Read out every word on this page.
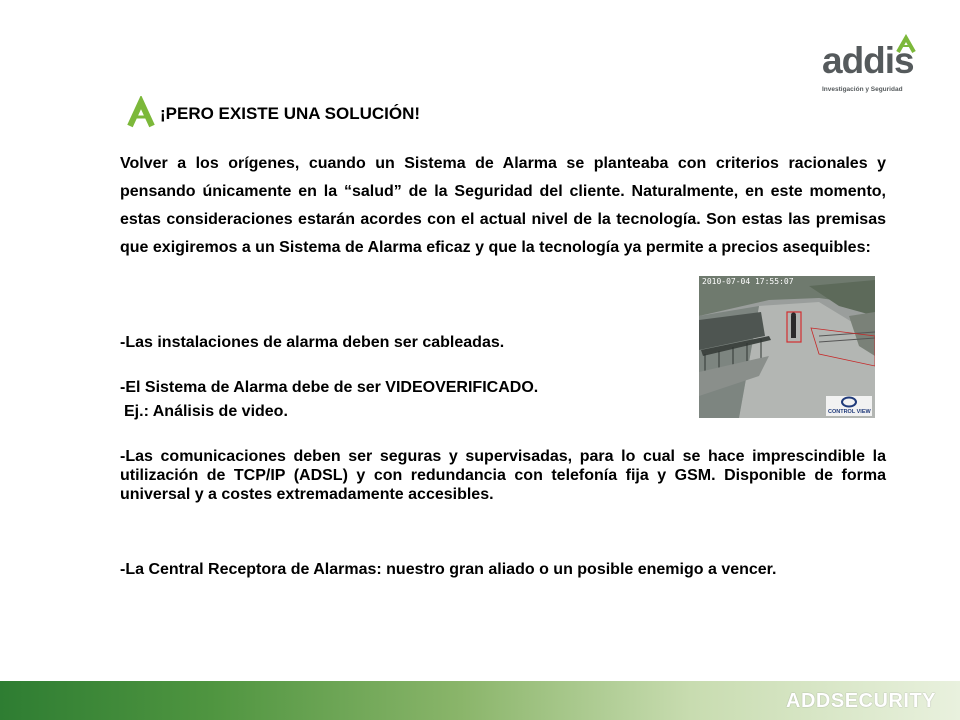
addis
Investigación y Seguridad
¡PERO EXISTE UNA SOLUCIÓN!

Volver a los orígenes, cuando un Sistema de Alarma se planteaba con criterios racionales y pensando únicamente en la “salud” de la Seguridad del cliente. Naturalmente, en este momento, estas consideraciones estarán acordes con el actual nivel de la tecnología. Son estas las premisas que exigiremos a un Sistema de Alarma eficaz y que la tecnología ya permite a precios asequibles:

2010-07-04 17:55:07
CONTROL VIEW
-Las instalaciones de alarma deben ser cableadas.
-El Sistema de Alarma debe de ser VIDEOVERIFICADO.
Ej.: Análisis de video.

-Las comunicaciones deben ser seguras y supervisadas, para lo cual se hace imprescindible la utilización de TCP/IP (ADSL) y con redundancia con telefonía fija y GSM. Disponible de forma universal y a costes extremadamente accesibles.

-La Central Receptora de Alarmas: nuestro gran aliado o un posible enemigo a vencer.

ADDSECURITY
